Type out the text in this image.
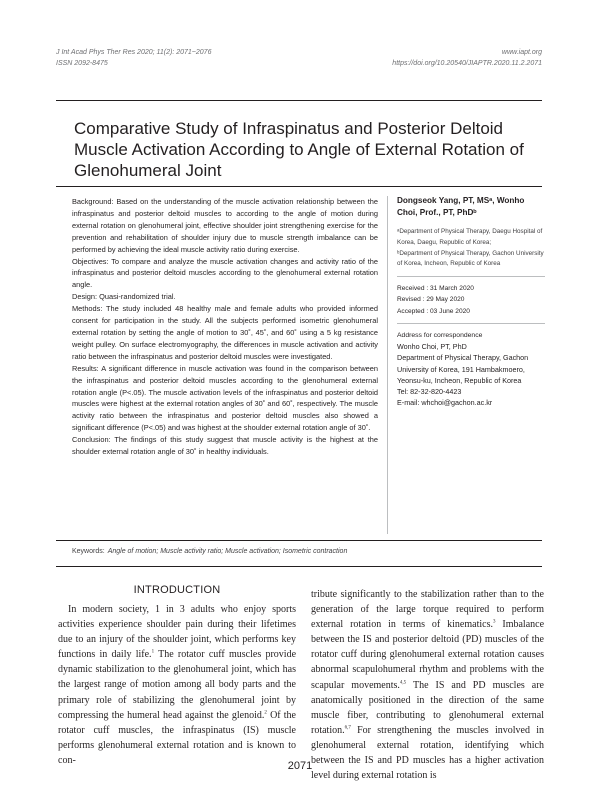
J Int Acad Phys Ther Res 2020; 11(2): 2071~2076
ISSN 2092-8475
www.iapt.org
https://doi.org/10.20540/JIAPTR.2020.11.2.2071
Comparative Study of Infraspinatus and Posterior Deltoid Muscle Activation According to Angle of External Rotation of Glenohumeral Joint

Background: Based on the understanding of the muscle activation relationship between the infraspinatus and posterior deltoid muscles to according to the angle of motion during external rotation on glenohumeral joint, effective shoulder joint strengthening exercise for the prevention and rehabilitation of shoulder injury due to muscle strength imbalance can be performed by achieving the ideal muscle activity ratio during exercise.

Objectives: To compare and analyze the muscle activation changes and activity ratio of the infraspinatus and posterior deltoid muscles according to the glenohumeral external rotation angle.

Design: Quasi-randomized trial.

Methods: The study included 48 healthy male and female adults who provided informed consent for participation in the study. All the subjects performed isometric glenohumeral external rotation by setting the angle of motion to 30˚, 45˚, and 60˚ using a 5 kg resistance weight pulley. On surface electromyography, the differences in muscle activation and activity ratio between the infraspinatus and posterior deltoid muscles were investigated.

Results: A significant difference in muscle activation was found in the comparison between the infraspinatus and posterior deltoid muscles according to the glenohumeral external rotation angle (P<.05). The muscle activation levels of the infraspinatus and posterior deltoid muscles were highest at the external rotation angles of 30˚ and 60˚, respectively. The muscle activity ratio between the infraspinatus and posterior deltoid muscles also showed a significant difference (P<.05) and was highest at the shoulder external rotation angle of 30˚.

Conclusion: The findings of this study suggest that muscle activity is the highest at the shoulder external rotation angle of 30˚ in healthy individuals.

Dongseok Yang, PT, MSᵃ, Wonho Choi, Prof., PT, PhDᵇ

ᵃDepartment of Physical Therapy, Daegu Hospital of Korea, Daegu, Republic of Korea;

ᵇDepartment of Physical Therapy, Gachon University of Korea, Incheon, Republic of Korea

Received : 31 March 2020

Revised : 29 May 2020

Accepted : 03 June 2020

Address for correspondence

Wonho Choi, PT, PhD

Department of Physical Therapy, Gachon University of Korea, 191 Hambakmoero, Yeonsu-ku, Incheon, Republic of Korea

Tel: 82-32-820-4423

E-mail: whchoi@gachon.ac.kr

Keywords: Angle of motion; Muscle activity ratio; Muscle activation; Isometric contraction
INTRODUCTION

In modern society, 1 in 3 adults who enjoy sports activities experience shoulder pain during their lifetimes due to an injury of the shoulder joint, which performs key functions in daily life.$^1$ The rotator cuff muscles provide dynamic stabilization to the glenohumeral joint, which has the largest range of motion among all body parts and the primary role of stabilizing the glenohumeral joint by compressing the humeral head against the glenoid.$^2$ Of the rotator cuff muscles, the infraspinatus (IS) muscle performs glenohumeral external rotation and is known to con-

tribute significantly to the stabilization rather than to the generation of the large torque required to perform external rotation in terms of kinematics.$^3$ Imbalance between the IS and posterior deltoid (PD) muscles of the rotator cuff during glenohumeral external rotation causes abnormal scapulohumeral rhythm and problems with the scapular movements.$^{4,5}$ The IS and PD muscles are anatomically positioned in the direction of the same muscle fiber, contributing to glenohumeral external rotation.$^{6,7}$ For strengthening the muscles involved in glenohumeral external rotation, identifying which between the IS and PD muscles has a higher activation level during external rotation is

2071
